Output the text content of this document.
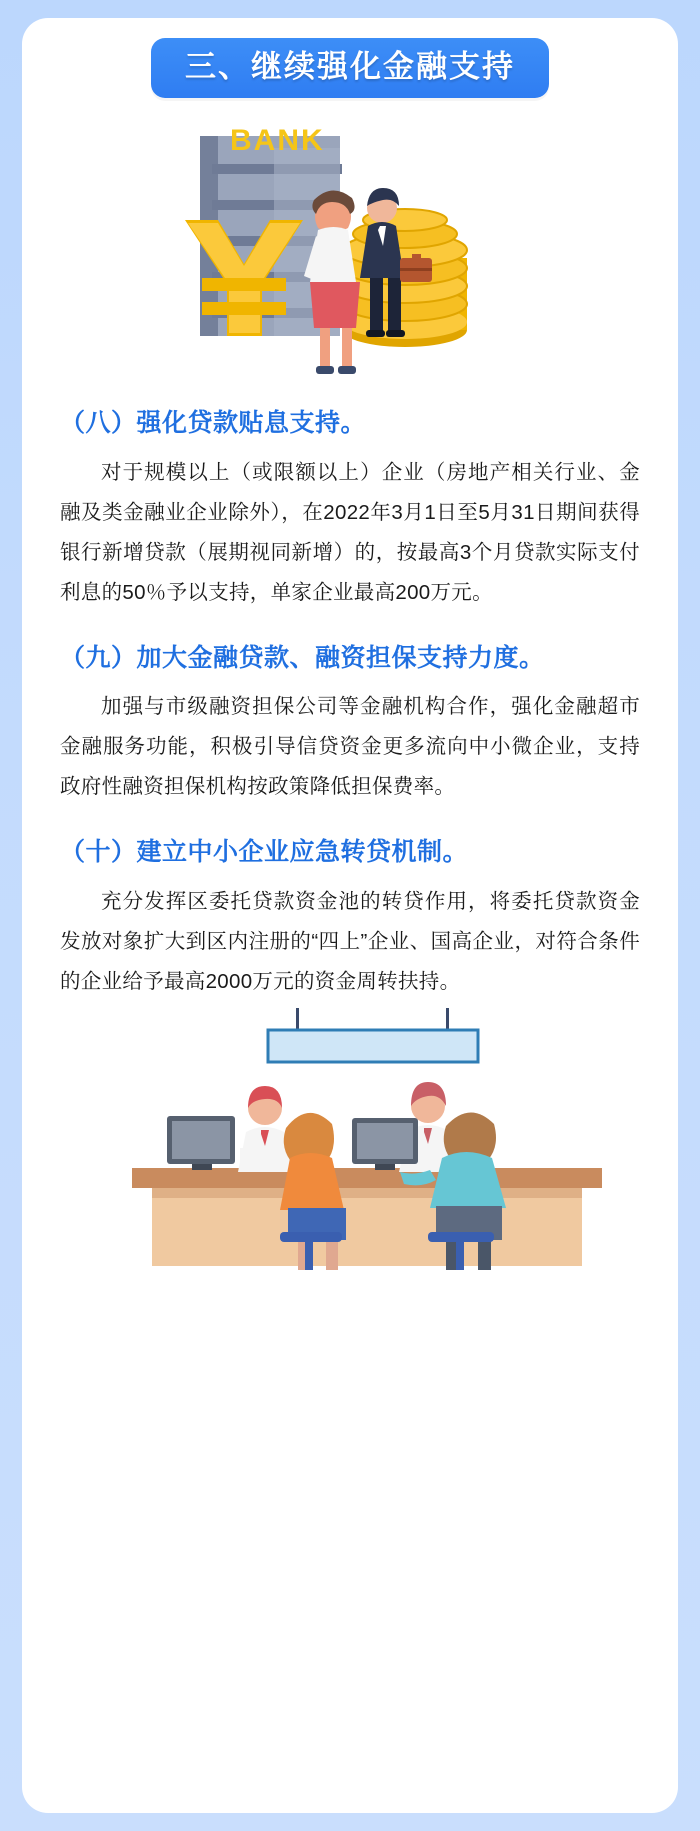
三、继续强化金融支持
BANK
（八）强化贷款贴息支持。

对于规模以上（或限额以上）企业（房地产相关行业、金融及类金融业企业除外），在2022年3月1日至5月31日期间获得银行新增贷款（展期视同新增）的，按最高3个月贷款实际支付利息的50％予以支持，单家企业最高200万元。

（九）加大金融贷款、融资担保支持力度。

加强与市级融资担保公司等金融机构合作，强化金融超市金融服务功能，积极引导信贷资金更多流向中小微企业，支持政府性融资担保机构按政策降低担保费率。

（十）建立中小企业应急转贷机制。

充分发挥区委托贷款资金池的转贷作用，将委托贷款资金发放对象扩大到区内注册的“四上”企业、国高企业，对符合条件的企业给予最高2000万元的资金周转扶持。
